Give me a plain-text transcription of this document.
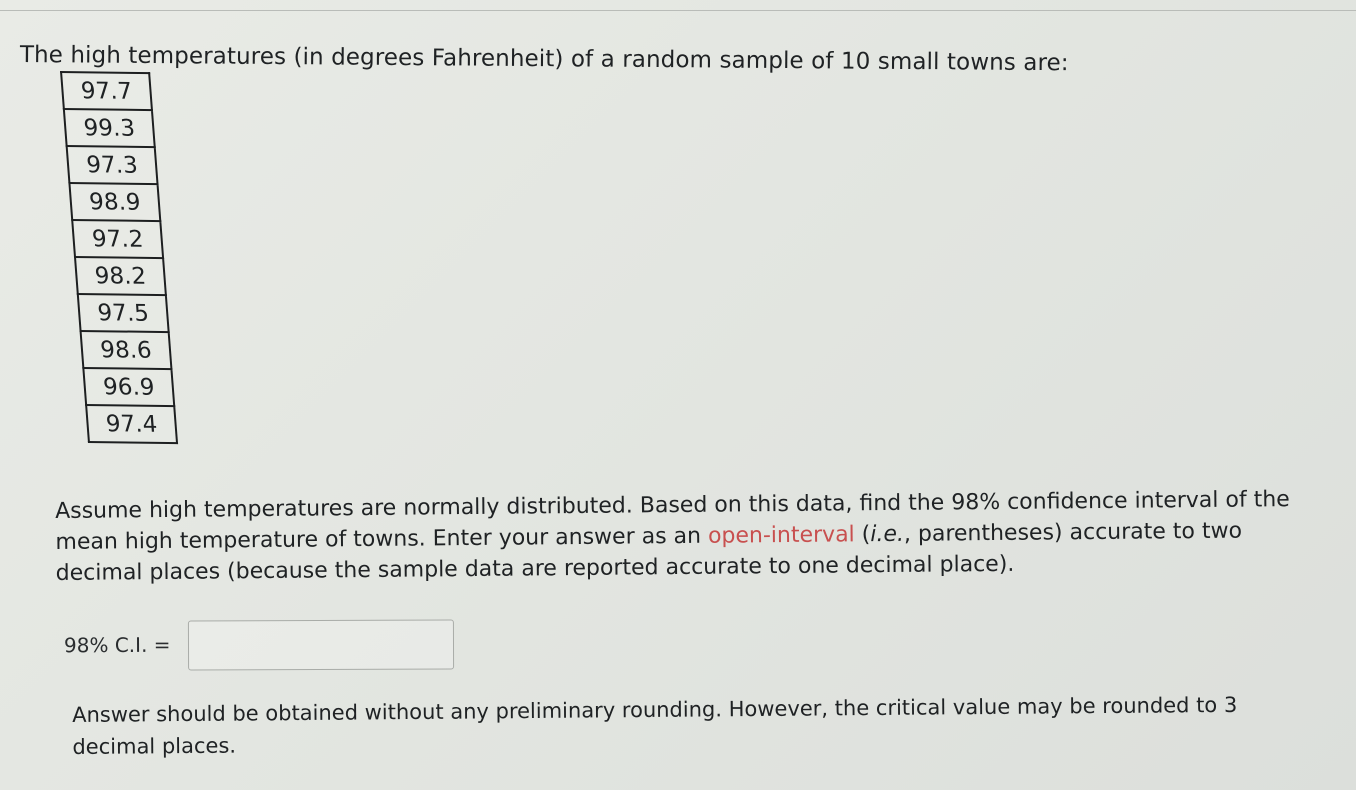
The high temperatures (in degrees Fahrenheit) of a random sample of 10 small towns are:
97.7
99.3
97.3
98.9
97.2
98.2
97.5
98.6
96.9
97.4
Assume high temperatures are normally distributed. Based on this data, find the 98% confidence interval of the mean high temperature of towns. Enter your answer as an open-interval (i.e., parentheses) accurate to two decimal places (because the sample data are reported accurate to one decimal place).
98% C.I. =
Answer should be obtained without any preliminary rounding. However, the critical value may be rounded to 3 decimal places.
